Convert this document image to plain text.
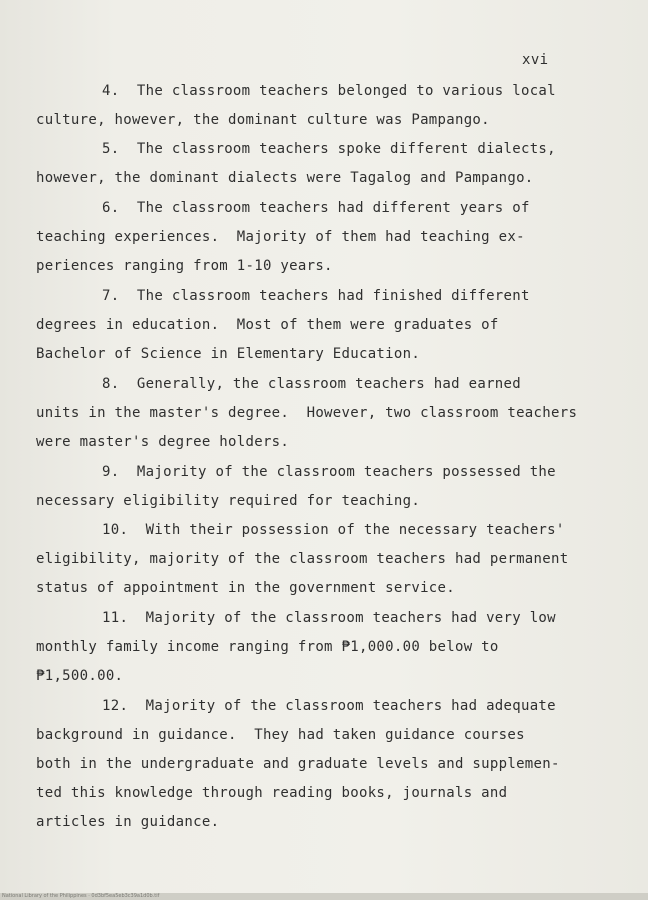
xvi
4.  The classroom teachers belonged to various local
culture, however, the dominant culture was Pampango.
5.  The classroom teachers spoke different dialects,
however, the dominant dialects were Tagalog and Pampango.
6.  The classroom teachers had different years of
teaching experiences.  Majority of them had teaching ex-
periences ranging from 1-10 years.
7.  The classroom teachers had finished different
degrees in education.  Most of them were graduates of
Bachelor of Science in Elementary Education.
8.  Generally, the classroom teachers had earned
units in the master's degree.  However, two classroom teachers
were master's degree holders.
9.  Majority of the classroom teachers possessed the
necessary eligibility required for teaching.
10.  With their possession of the necessary teachers'
eligibility, majority of the classroom teachers had permanent
status of appointment in the government service.
11.  Majority of the classroom teachers had very low
monthly family income ranging from ₱1,000.00 below to
₱1,500.00.
12.  Majority of the classroom teachers had adequate
background in guidance.  They had taken guidance courses
both in the undergraduate and graduate levels and supplemen-
ted this knowledge through reading books, journals and
articles in guidance.
National Library of the Philippines · 0d3bf5ea5eb3c39a1d0b.tif
